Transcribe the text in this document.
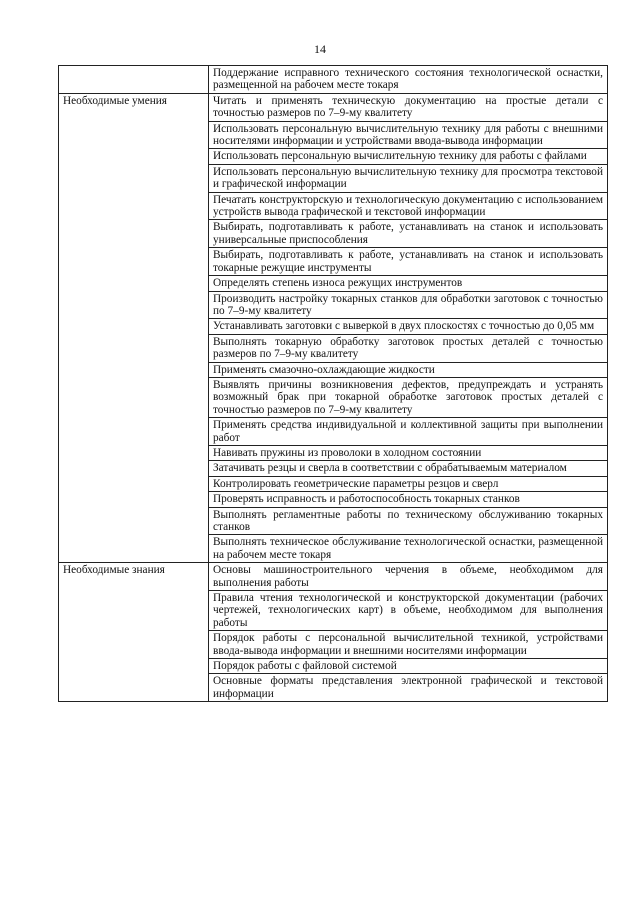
14
	Поддержание исправного технического состояния технологической оснастки, размещенной на рабочем месте токаря
Необходимые умения	Читать и применять техническую документацию на простые детали с точностью размеров по 7–9-му квалитету
	Использовать персональную вычислительную технику для работы с внешними носителями информации и устройствами ввода-вывода информации
	Использовать персональную вычислительную технику для работы с файлами
	Использовать персональную вычислительную технику для просмотра текстовой и графической информации
	Печатать конструкторскую и технологическую документацию с использованием устройств вывода графической и текстовой информации
	Выбирать, подготавливать к работе, устанавливать на станок и использовать универсальные приспособления
	Выбирать, подготавливать к работе, устанавливать на станок и использовать токарные режущие инструменты
	Определять степень износа режущих инструментов
	Производить настройку токарных станков для обработки заготовок с точностью по 7–9-му квалитету
	Устанавливать заготовки с выверкой в двух плоскостях с точностью до 0,05 мм
	Выполнять токарную обработку заготовок простых деталей с точностью размеров по 7–9-му квалитету
	Применять смазочно-охлаждающие жидкости
	Выявлять причины возникновения дефектов, предупреждать и устранять возможный брак при токарной обработке заготовок простых деталей с точностью размеров по 7–9-му квалитету
	Применять средства индивидуальной и коллективной защиты при выполнении работ
	Навивать пружины из проволоки в холодном состоянии
	Затачивать резцы и сверла в соответствии с обрабатываемым материалом
	Контролировать геометрические параметры резцов и сверл
	Проверять исправность и работоспособность токарных станков
	Выполнять регламентные работы по техническому обслуживанию токарных станков
	Выполнять техническое обслуживание технологической оснастки, размещенной на рабочем месте токаря
Необходимые знания	Основы машиностроительного черчения в объеме, необходимом для выполнения работы
	Правила чтения технологической и конструкторской документации (рабочих чертежей, технологических карт) в объеме, необходимом для выполнения работы
	Порядок работы с персональной вычислительной техникой, устройствами ввода-вывода информации и внешними носителями информации
	Порядок работы с файловой системой
	Основные форматы представления электронной графической и текстовой информации
